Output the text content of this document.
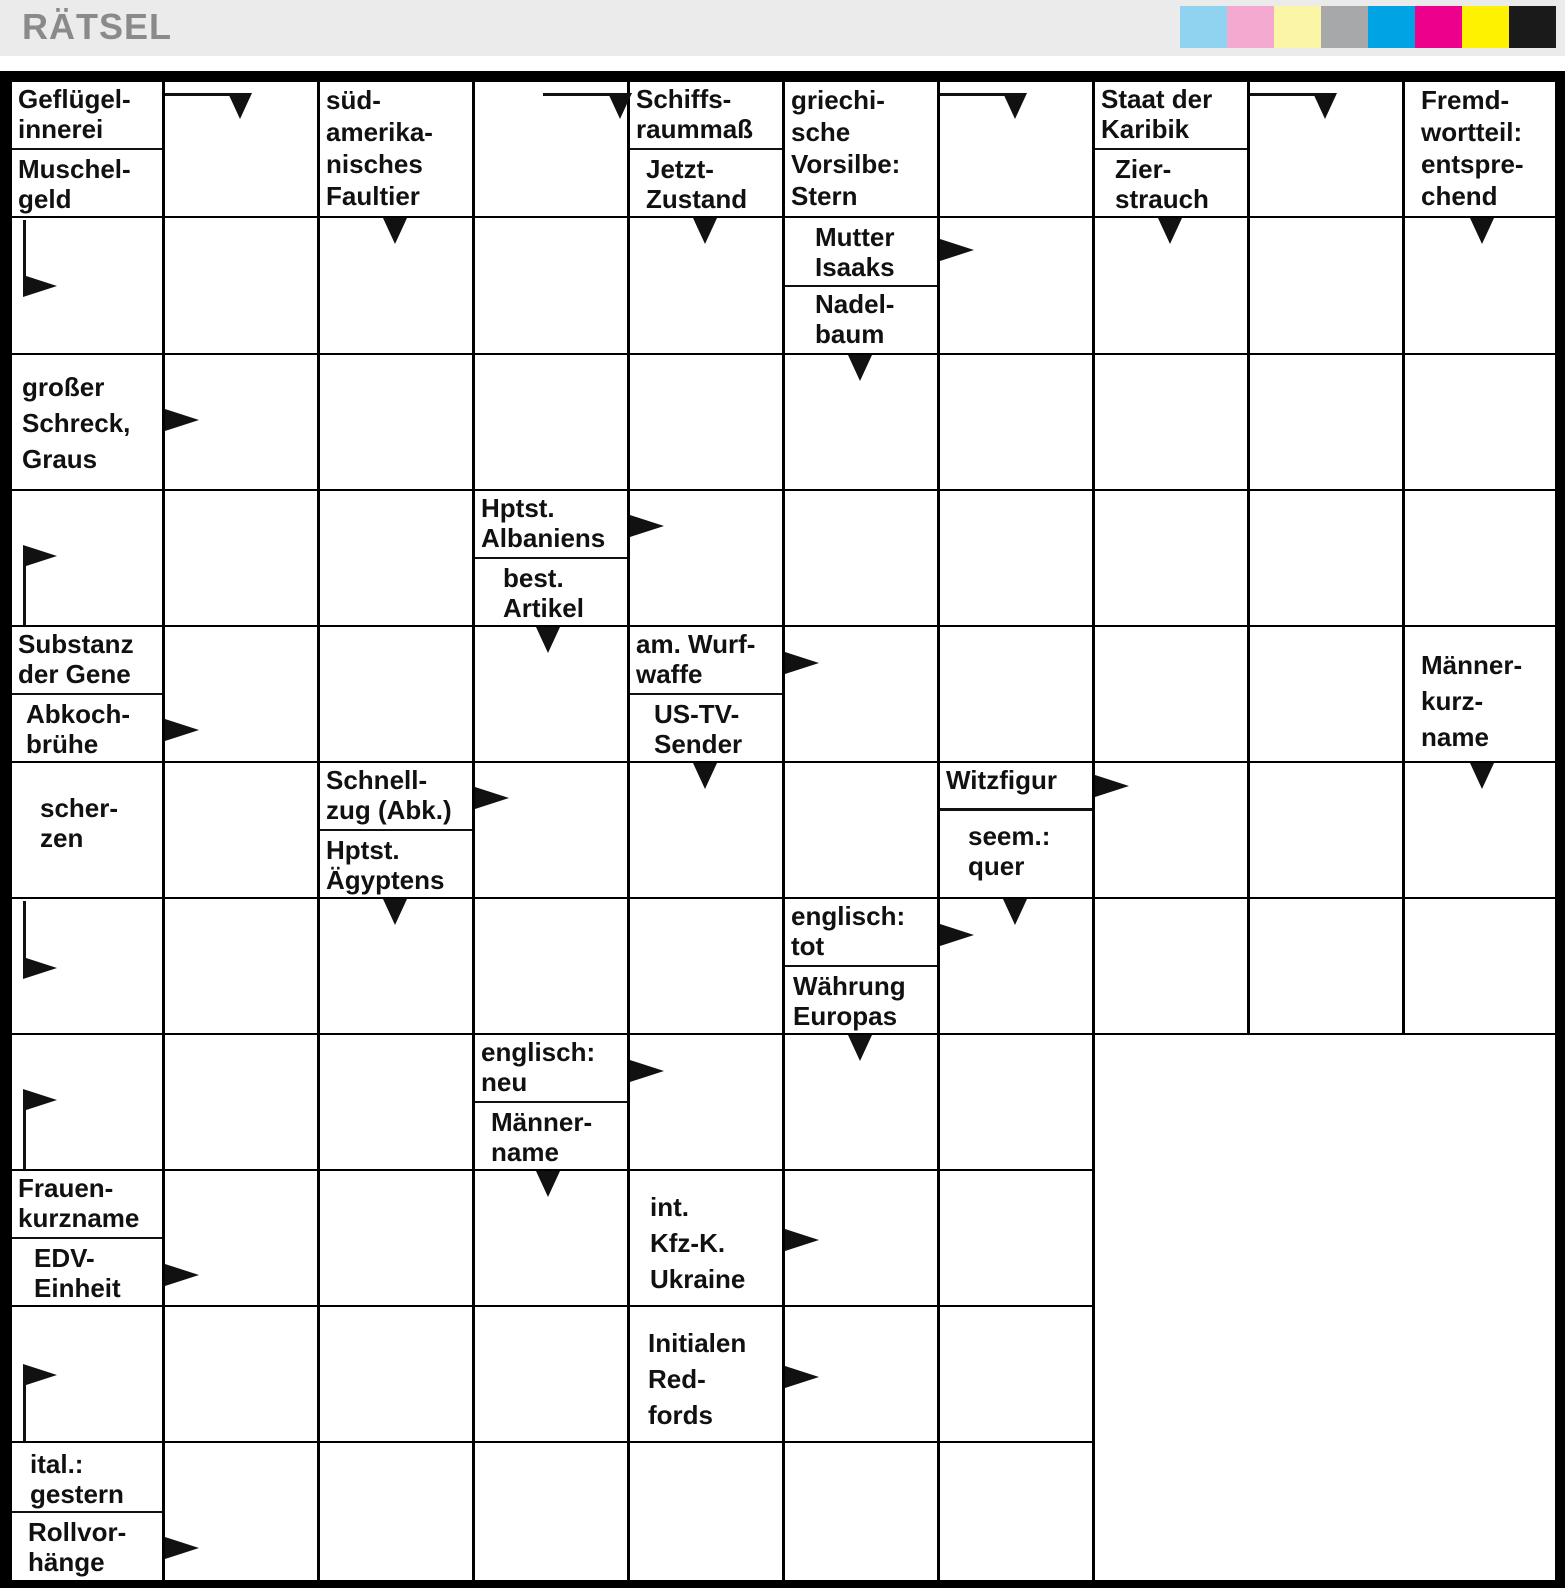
RÄTSEL
Geflügel-
innerei
Muschel-
geld
süd-
amerika-
nisches
Faultier
Schiffs-
raummaß
Jetzt-
Zustand
griechi-
sche
Vorsilbe:
Stern
Staat der
Karibik
Zier-
strauch
Fremd-
wortteil:
entspre-
chend
Mutter
Isaaks
Nadel-
baum
großer
Schreck,
Graus
Hptst.
Albaniens
best.
Artikel
Substanz
der Gene
Abkoch-
brühe
am. Wurf-
waffe
US-TV-
Sender
Männer-
kurz-
name
scher-
zen
Schnell-
zug (Abk.)
Hptst.
Ägyptens
Witzfigur
seem.:
quer
englisch:
tot
Währung
Europas
englisch:
neu
Männer-
name
Frauen-
kurzname
EDV-
Einheit
int.
Kfz-K.
Ukraine
Initialen
Red-
fords
ital.:
gestern
Rollvor-
hänge
